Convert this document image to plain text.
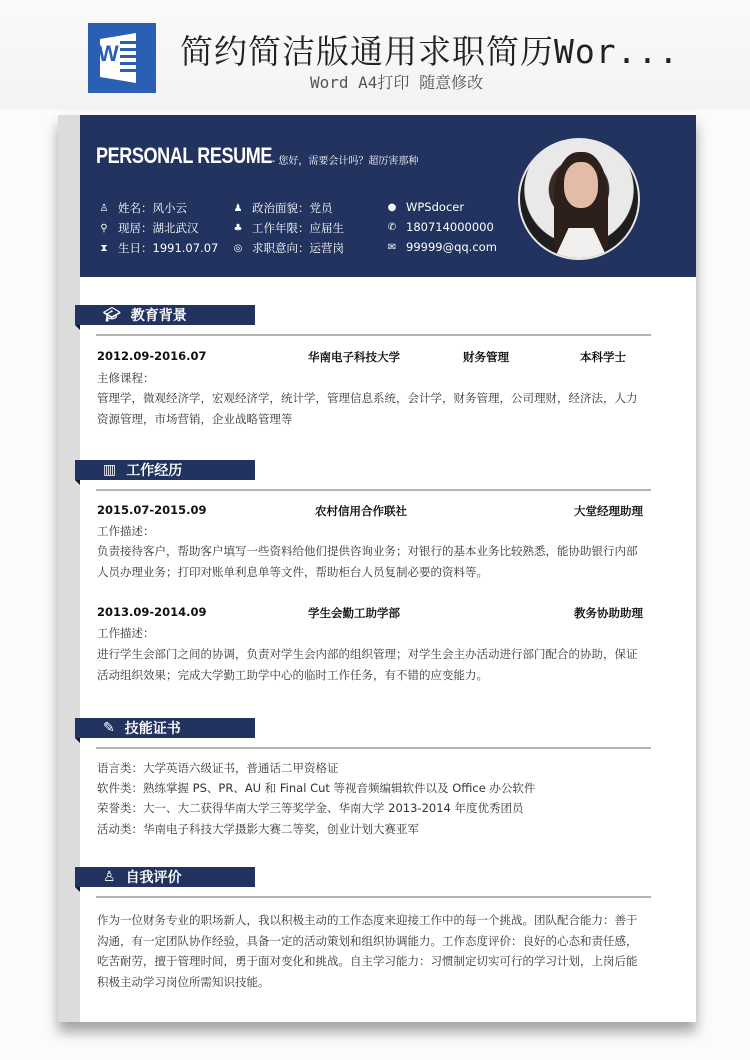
W 简约简洁版通用求职简历Wor...
Word A4打印 随意修改
PERSONAL RESUME
-- 您好，需要会计吗？超厉害那种
♙ 姓名：风小云
⚲ 现居：湖北武汉
⧗ 生日：1991.07.07
♟ 政治面貌：党员
♣ 工作年限：应届生
◎ 求职意向：运营岗
● WPSdocer
✆ 180714000000
✉ 99999@qq.com
🎓︎ 教育背景
2012.09-2016.07	华南电子科技大学	财务管理	本科学士
主修课程：
管理学，微观经济学，宏观经济学，统计学，管理信息系统，会计学，财务管理，公司理财，经济法，人力
资源管理，市场营销，企业战略管理等
▥ 工作经历
2015.07-2015.09	农村信用合作联社	大堂经理助理
工作描述：
负责接待客户，帮助客户填写一些资料给他们提供咨询业务；对银行的基本业务比较熟悉，能协助银行内部
人员办理业务；打印对账单利息单等文件，帮助柜台人员复制必要的资料等。
2013.09-2014.09	学生会勤工助学部	教务协助助理
工作描述：
进行学生会部门之间的协调，负责对学生会内部的组织管理；对学生会主办活动进行部门配合的协助，保证
活动组织效果；完成大学勤工助学中心的临时工作任务，有不错的应变能力。
✎ 技能证书
语言类：大学英语六级证书，普通话二甲资格证
软件类：熟练掌握 PS、PR、AU 和 Final Cut 等视音频编辑软件以及 Office 办公软件
荣誉类：大一、大二获得华南大学三等奖学金、华南大学 2013-2014 年度优秀团员
活动类：华南电子科技大学摄影大赛二等奖，创业计划大赛亚军
♙ 自我评价
作为一位财务专业的职场新人，我以积极主动的工作态度来迎接工作中的每一个挑战。团队配合能力：善于
沟通，有一定团队协作经验，具备一定的活动策划和组织协调能力。工作态度评价：良好的心态和责任感，
吃苦耐劳，擅于管理时间，勇于面对变化和挑战。自主学习能力：习惯制定切实可行的学习计划，上岗后能
积极主动学习岗位所需知识技能。
